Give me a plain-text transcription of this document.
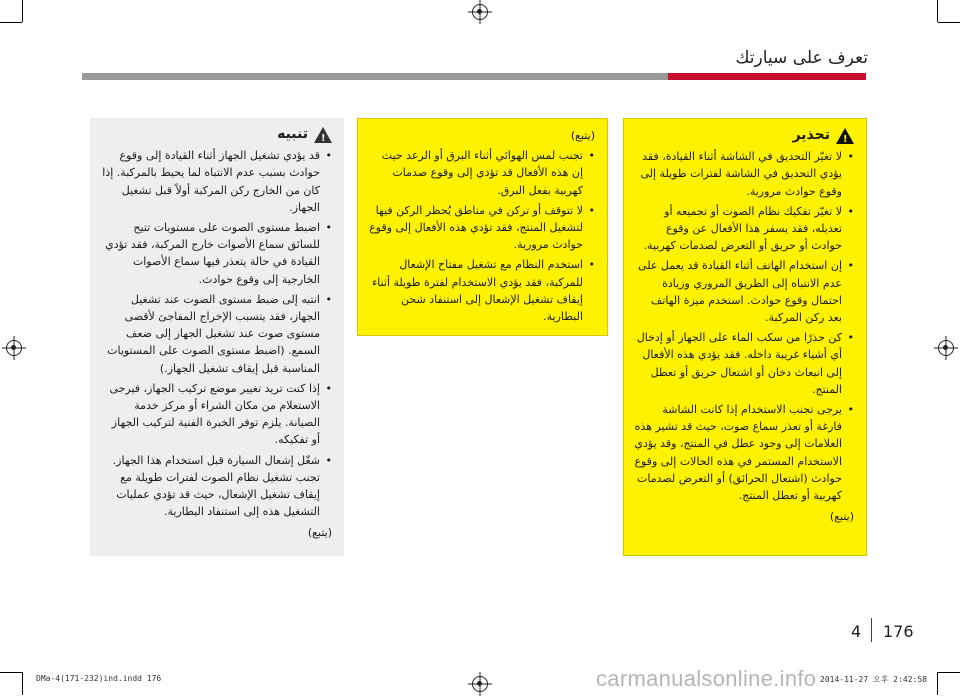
تعرف على سيارتك
!
تحذير
• لا تغيّر التحديق في الشاشة أثناء القيادة، فقد يؤدي التحديق في الشاشة لفترات طويلة إلى وقوع حوادث مرورية.
• لا تغيّر تفكيك نظام الصوت أو تجميعه أو تعديله، فقد يسفر هذا الأفعال عن وقوع حوادث أو حريق أو التعرض لصدمات كهربية.
• إن استخدام الهاتف أثناء القيادة قد يعمل على عدم الانتباه إلى الطريق المروري وزيادة احتمال وقوع حوادث. استخدم ميزة الهاتف بعد ركن المركبة.
• كن حذرًا من سكب الماء على الجهاز أو إدخال أي أشياء غريبة داخله. فقد يؤدي هذه الأفعال إلى انبعاث دخان أو اشتعال حريق أو تعطل المنتج.
• يرجى تجنب الاستخدام إذا كانت الشاشة فارغة أو تعذر سماع صوت، حيث قد تشير هذه العلامات إلى وجود عطل في المنتج، وقد يؤدي الاستخدام المستمر في هذه الحالات إلى وقوع حوادث (اشتعال الحرائق) أو التعرض لصدمات كهربية أو تعطل المنتج.
(يتبع)
(يتبع)
• تجنب لمس الهوائي أثناء البرق أو الرعد حيث إن هذه الأفعال قد تؤدي إلى وقوع صدمات كهربية بفعل البرق.
• لا تتوقف أو تركن في مناطق يُحظر الركن فيها لتشغيل المنتج، فقد تؤدي هذه الأفعال إلى وقوع حوادث مرورية.
• استخدم النظام مع تشغيل مفتاح الإشعال للمركبة، فقد يؤدي الاستخدام لفترة طويلة أثناء إيقاف تشغيل الإشعال إلى استنفاد شحن البطارية.
!
تنبيه
• قد يؤدي تشغيل الجهاز أثناء القيادة إلى وقوع حوادث بسبب عدم الانتباه لما يحيط بالمركبة. إذا كان من الخارج ركن المركبة أولاً قبل تشغيل الجهاز.
• اضبط مستوى الصوت على مستويات تتيح للسائق سماع الأصوات خارج المركبة، فقد تؤدي القيادة في حالة يتعذر فيها سماع الأصوات الخارجية إلى وقوع حوادث.
• انتبه إلى ضبط مستوى الصوت عند تشغيل الجهاز، فقد يتسبب الإخراج المفاجئ لأقصى مستوى صوت عند تشغيل الجهاز إلى ضعف السمع. (اضبط مستوى الصوت على المستويات المناسبة قبل إيقاف تشغيل الجهاز.)
• إذا كنت تريد تغيير موضع تركيب الجهاز، فيرجى الاستعلام من مكان الشراء أو مركز خدمة الصيانة. يلزم توفر الخبرة الفنية لتركيب الجهاز أو تفكيكه.
• شغّل إشعال السيارة قبل استخدام هذا الجهاز. تجنب تشغيل نظام الصوت لفترات طويلة مع إيقاف تشغيل الإشعال، حيث قد تؤدي عمليات التشغيل هذه إلى استنفاد البطارية.
(يتبع)
4 176
DMa-4(171-232)ind.indd 176	2014-11-27 오후 2:42:58
carmanualsonline.info
